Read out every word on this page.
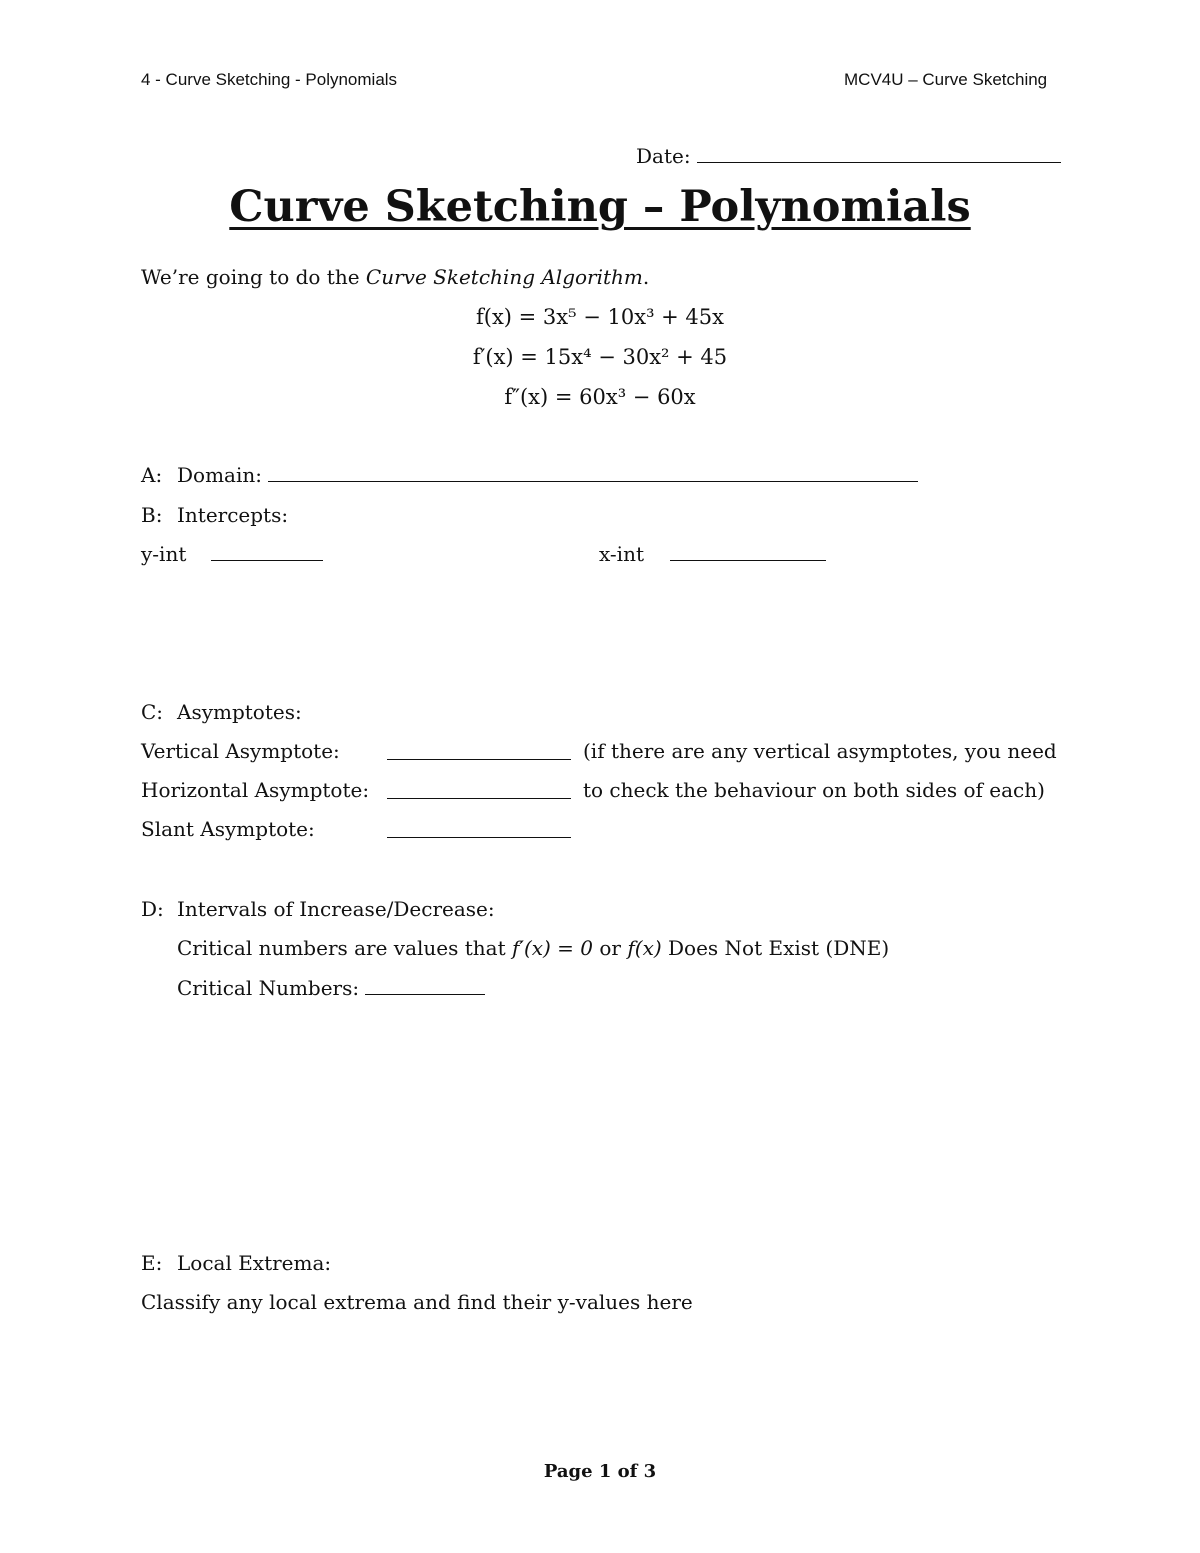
4 - Curve Sketching - Polynomials	MCV4U – Curve Sketching
Date:
Curve Sketching – Polynomials
We’re going to do the Curve Sketching Algorithm.
f(x) = 3x⁵ − 10x³ + 45x
f′(x) = 15x⁴ − 30x² + 45
f″(x) = 60x³ − 60x
A: Domain:
B: Intercepts:
y-int	x-int
C: Asymptotes:
Vertical Asymptote:
Horizontal Asymptote:
Slant Asymptote:
(if there are any vertical asymptotes, you need
to check the behaviour on both sides of each)
D: Intervals of Increase/Decrease:
Critical numbers are values that f′(x) = 0 or f(x) Does Not Exist (DNE)
Critical Numbers:
E: Local Extrema:
Classify any local extrema and find their y-values here
Page 1 of 3
